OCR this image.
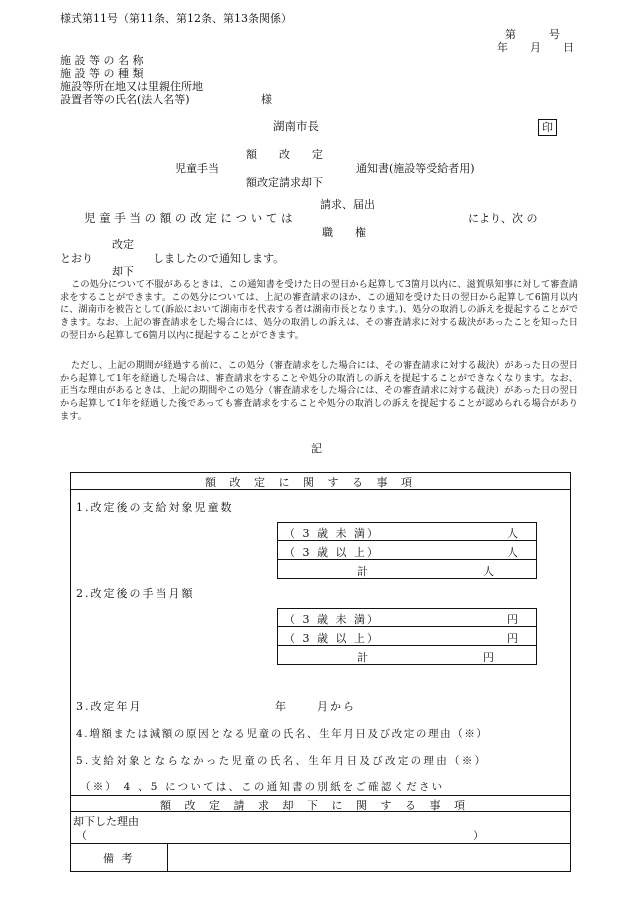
様式第11号（第11条、第12条、第13条関係）
第　　　号
年　　月　　日
施 設 等 の 名 称
施 設 等 の 種 類
施設等所在地又は里親住所地
設置者等の氏名(法人名等)	様
湖南市長	印
額　　改　　定
児童手当	通知書(施設等受給者用)
額改定請求却下
請求、届出
児 童 手 当 の 額 の 改 定 に つ い て は	により、次 の
職　　権
改定
とおり	しましたので通知します。
却下
この処分について不服があるときは、この通知書を受けた日の翌日から起算して3箇月以内に、滋賀県知事に対して審査請求をすることができます。この処分については、上記の審査請求のほか、この通知を受けた日の翌日から起算して6箇月以内に、湖南市を被告として(訴訟において湖南市を代表する者は湖南市長となります。)、処分の取消しの訴えを提起することができます。なお、上記の審査請求をした場合には、処分の取消しの訴えは、その審査請求に対する裁決があったことを知った日の翌日から起算して6箇月以内に提起することができます。
ただし、上記の期間が経過する前に、この処分（審査請求をした場合には、その審査請求に対する裁決）があった日の翌日から起算して1年を経過した場合は、審査請求をすることや処分の取消しの訴えを提起することができなくなります。なお、正当な理由があるときは、上記の期間やこの処分（審査請求をした場合には、その審査請求に対する裁決）があった日の翌日から起算して1年を経過した後であっても審査請求をすることや処分の取消しの訴えを提起することが認められる場合があります。
記
額 改 定 に 関 す る 事 項
1.改定後の支給対象児童数
（ 3 歳 未 満）	人
（ 3 歳 以 上）	人
計	人
2.改定後の手当月額
（ 3 歳 未 満）	円
（ 3 歳 以 上）	円
計	円
3.改定年月	年	月から
4.増額または減額の原因となる児童の氏名、生年月日及び改定の理由（※）
5.支給対象とならなかった児童の氏名、生年月日及び改定の理由（※）
（※） 4 、5 については、この通知書の別紙をご確認ください
額 改 定 請 求 却 下 に 関 す る 事 項
却下した理由
（	）
備 考
